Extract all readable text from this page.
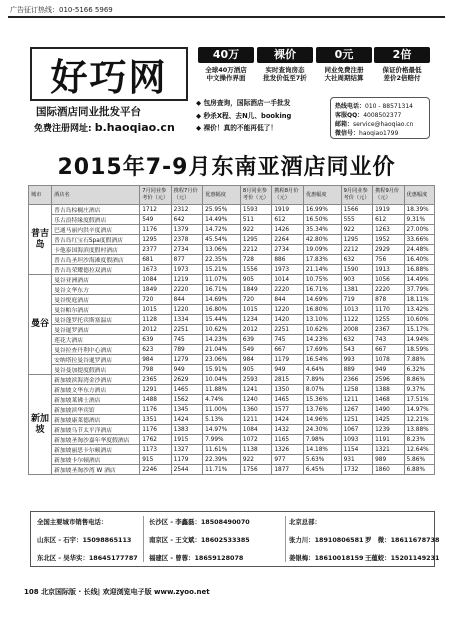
广告征订热线：010-5166 5969
好巧网
国际酒店同业批发平台
免费注册网址: b.haoqiao.cn
40万
全球40万酒店
中文操作界面
裸价
实时查询房态
批发价低至7折
0元
同业免费注册
大社周期结算
2倍
保证价格最低
差价2倍赔付
◆ 包房查询，国际酒店一手批发
◆ 秒杀X程、去N儿、booking
◆ 裸价！真的不能再低了！
热线电话：010 - 88571314
客服QQ：4008502377
邮箱：service@haoqiao.cn
微信号：haoqiao1799
2015年7-9月东南亚酒店同业价
城市	酒店名	7月同业参考价（元）	携程7月价（元）	优惠幅度	8月同业参考价（元）	携程8月价（元）	优惠幅度	9月同业参考价（元）	携程9月价（元）	优惠幅度
普吉岛	普吉岛棕榈庄酒店	1712	2312	25.95%	1593	1919	16.99%	1566	1919	18.39%
	乐古浪特缘度假酒店	549	642	14.49%	511	612	16.50%	555	612	9.31%
	巴通马丽内洪辛度酒店	1176	1379	14.72%	922	1426	35.34%	922	1263	27.00%
	普吉岛红宝石Spa度假酒店	1295	2378	45.54%	1295	2264	42.80%	1295	1952	33.66%
	卡他泰国海滨度假村酒店	2377	2734	13.06%	2212	2734	19.09%	2212	2929	24.48%
	普吉岛圣坦沙海滩度假酒店	681	877	22.35%	728	886	17.83%	632	756	16.40%
	普吉岛荣耀德拉双酒店	1673	1973	15.21%	1556	1973	21.14%	1590	1913	16.88%
曼谷	曼谷亚洲酒店	1084	1219	11.07%	905	1014	10.75%	903	1056	14.49%
	曼谷文华东方	1849	2220	16.71%	1849	2220	16.71%	1381	2220	37.79%
	曼谷悦庭酒店	720	844	14.69%	720	844	14.69%	719	878	18.11%
	曼谷帕尔酒店	1015	1220	16.80%	1015	1220	16.80%	1013	1170	13.42%
	曼谷蓬罗托宾斯塞温店	1128	1334	15.44%	1234	1420	13.10%	1122	1255	10.60%
	曼谷暹罗酒店	2012	2251	10.62%	2012	2251	10.62%	2008	2367	15.17%
	莲花大酒店	639	745	14.23%	639	745	14.23%	632	743	14.94%
	曼谷拉查丹利中心酒店	623	789	21.04%	549	667	17.69%	543	667	18.59%
	安纳塔拉曼谷暹罗酒店	984	1279	23.06%	984	1179	16.54%	993	1078	7.88%
	曼谷曼加提度假酒店	798	949	15.91%	905	949	4.64%	889	949	6.32%
新加坡	新加坡滨海湾金沙酒店	2365	2629	10.04%	2593	2815	7.89%	2366	2596	8.86%
	新加坡文华东方酒店	1291	1465	11.88%	1241	1350	8.07%	1258	1388	9.37%
	新加坡莱佛士酒店	1488	1562	4.74%	1240	1465	15.36%	1211	1468	17.51%
	新加坡滨华宾馆	1176	1345	11.00%	1360	1577	13.76%	1267	1490	14.97%
	新加坡康莱德酒店	1351	1424	5.13%	1211	1424	14.96%	1251	1425	12.21%
	新加坡乌节太平洋酒店	1176	1383	14.97%	1084	1432	24.30%	1067	1239	13.88%
	新加坡圣淘沙嘉年华度假酒店	1762	1915	7.99%	1072	1165	7.98%	1093	1191	8.23%
	新加坡丽思卡尔顿酒店	1173	1327	11.61%	1138	1326	14.18%	1154	1321	12.64%
	新加坡卡尔顿酒店	915	1179	22.39%	922	977	5.63%	931	989	5.86%
	新加坡圣淘沙湾 W 酒店	2246	2544	11.71%	1756	1877	6.45%	1732	1860	6.88%
全国主要城市销售电话：
山东区 - 石宇：15098865113
东北区 - 吴华实：18645177787
长沙区 - 李鑫磊：18508490070
南京区 - 王文斌：18602533385
福建区 - 曾蓉：18659128078
北京总部：
张力川：18910806581
姜银梅：18610018159
罗　微：18611678738
王蕴蛟：15201149231
108 北京国际版 · 长线| 欢迎浏览电子版 www.zyoo.net
